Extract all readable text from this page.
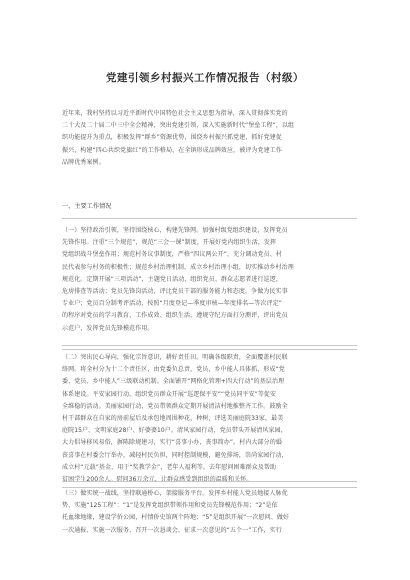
党建引领乡村振兴工作情况报告（村级）
近年来，我村坚持以习近平新时代中国特色社会主义思想为指导，深入贯彻落实党的
二十大及二十届二中三中全会精神，突出党建引领，深入实施新时代“堡垒工程”，以组
织功能提升为重点，积极发挥“群乡”资源优势，围绕乡村振兴抓党建，抓好党建促
振兴，构建“四心共织党旗红”的工作格局，在全镇形成品牌效应，被评为党建工作
品牌优秀案例。
一、主要工作情况
（一）坚持政治引领，坚持围绕核心，构建先锋网。加强村级党组织建设，发挥党员
先锋作用。注重“三个规范”，规范“三会一课”制度，开展好党内组织生活，发挥
党组织战斗堡垒作用；规范村务议事制度，严格“四议两公开”，充分调动党员、村
民代表参与村务的积极性；规范乡村治理机制，成立乡村治理小组，切实推动乡村治理
规范化。定期开展“三项活动”，主题党日活动，组织党员、群众志愿者进行巡逻，
危房排查等活动；党员先锋岗活动，评比党员干部的服务能力和态度，争做为民实事
专业户；党员百分制考评活动，按照“月度登记—季度审核—年度排名—等次评定”
的程序对党员的学习教育、工作成效、组织生活、遵规守纪方面打分测评，评出党员
示范户，发挥党员先锋模范作用。
（二）突出民心导向，强化宗旨意识，耕好责任田。明确各级职责，全面覆盖村民联
络网。将全村分为十二个责任区，由党委负总责，党员、乡中能人具体抓，形成“党
委、党员、乡中能人”三级联动机制。全面铺开“网格化管理+四大行动”的基层治理
体系建设。平安家园行动，组织党员群众开展“巡逻保平安”“党员同平安”等促安
全维稳的活动。美丽家园行动，党员带领群众定期开展清洁村地推整齐工作。鼓励全
村干部群众在自家的房前屋后及承包地周围种花，种树，评选美丽庭院33家，最美
庭院15户、文明家庭28户、好婆婆10户。清风家园行动，党员带头开展清风家园，
大力倡导移风易俗，摒陈除规建习，实行“喜事小办，丧事简办”。村内大部分的婚
丧喜事在村委会厅举办，减轻村民负担，同时控制规模，避免排场，崇尚家园行动，
成立村“元载”基金，用于“奖教学金”、老年人福利等。去年慰问困难群众及帮助
贫困学生200余人。慰问36万余元，让群众感受到组织的温暖和关怀。
（三）做实统一战线，坚持联通桥心，架接服务平台。发挥乡村能人党员地接人脉优
势，实施“125工程”：“1”是发挥党组织带领作用和党员先锋模范作用；“2”是依
托血缘地缘，建设学侨公园，村情侨史馆两个阵地；“5”是组织开展“一次慰问、做好
一次通报、实施一次服务、召开一次恳谈会、征求一次意见的“五个一”工作，实行
